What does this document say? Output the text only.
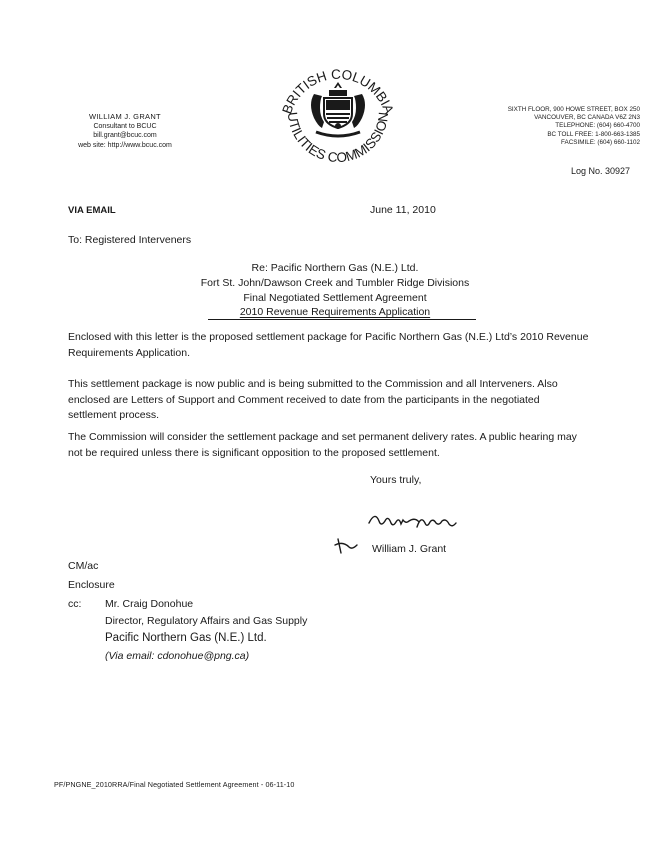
WILLIAM J. GRANT
Consultant to BCUC
bill.grant@bcuc.com
web site: http://www.bcuc.com
BRITISH COLUMBIA
UTILITIES COMMISSION
SIXTH FLOOR, 900 HOWE STREET, BOX 250
VANCOUVER, BC CANADA V6Z 2N3
TELEPHONE: (604) 660-4700
BC TOLL FREE: 1-800-663-1385
FACSIMILE: (604) 660-1102
Log No. 30927
VIA EMAIL	June 11, 2010
To: Registered Interveners
Re: Pacific Northern Gas (N.E.) Ltd.
Fort St. John/Dawson Creek and Tumbler Ridge Divisions
Final Negotiated Settlement Agreement
2010 Revenue Requirements Application
Enclosed with this letter is the proposed settlement package for Pacific Northern Gas (N.E.) Ltd’s 2010 Revenue
Requirements Application.
This settlement package is now public and is being submitted to the Commission and all Interveners. Also
enclosed are Letters of Support and Comment received to date from the participants in the negotiated
settlement process.
The Commission will consider the settlement package and set permanent delivery rates. A public hearing may
not be required unless there is significant opposition to the proposed settlement.
Yours truly,
William J. Grant
CM/ac
Enclosure
cc: Mr. Craig Donohue
Director, Regulatory Affairs and Gas Supply
Pacific Northern Gas (N.E.) Ltd.
(Via email: cdonohue@png.ca)
PF/PNGNE_2010RRA/Final Negotiated Settlement Agreement - 06-11-10
